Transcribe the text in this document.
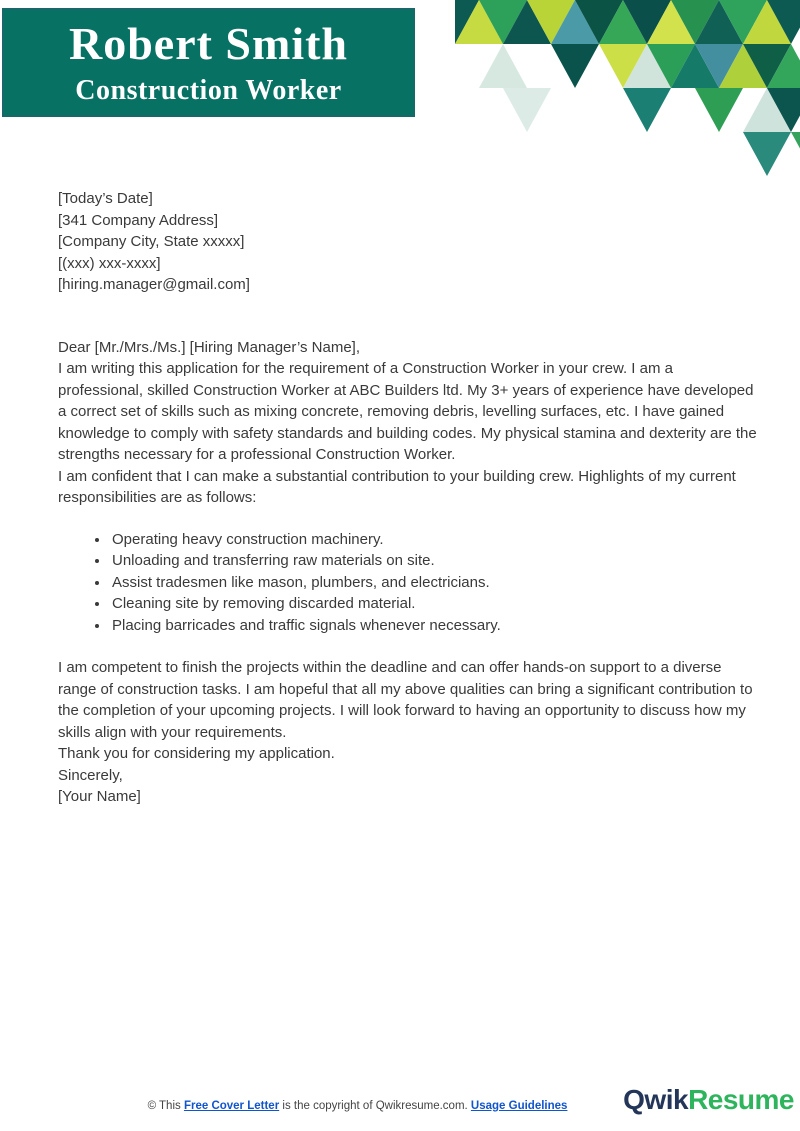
Robert Smith
Construction Worker

[Today’s Date]

[341 Company Address]

[Company City, State xxxxx]

[(xxx) xxx-xxxx]

[hiring.manager@gmail.com]

Dear [Mr./Mrs./Ms.] [Hiring Manager’s Name],

I am writing this application for the requirement of a Construction Worker in your crew. I am a professional, skilled Construction Worker at ABC Builders ltd. My 3+ years of experience have developed a correct set of skills such as mixing concrete, removing debris, levelling surfaces, etc. I have gained knowledge to comply with safety standards and building codes. My physical stamina and dexterity are the strengths necessary for a professional Construction Worker.

I am confident that I can make a substantial contribution to your building crew. Highlights of my current responsibilities are as follows:

• Operating heavy construction machinery.
• Unloading and transferring raw materials on site.
• Assist tradesmen like mason, plumbers, and electricians.
• Cleaning site by removing discarded material.
• Placing barricades and traffic signals whenever necessary.

I am competent to finish the projects within the deadline and can offer hands-on support to a diverse range of construction tasks. I am hopeful that all my above qualities can bring a significant contribution to the completion of your upcoming projects. I will look forward to having an opportunity to discuss how my skills align with your requirements.

Thank you for considering my application.

Sincerely,

[Your Name]

© This Free Cover Letter is the copyright of Qwikresume.com. Usage Guidelines	QwikResume
